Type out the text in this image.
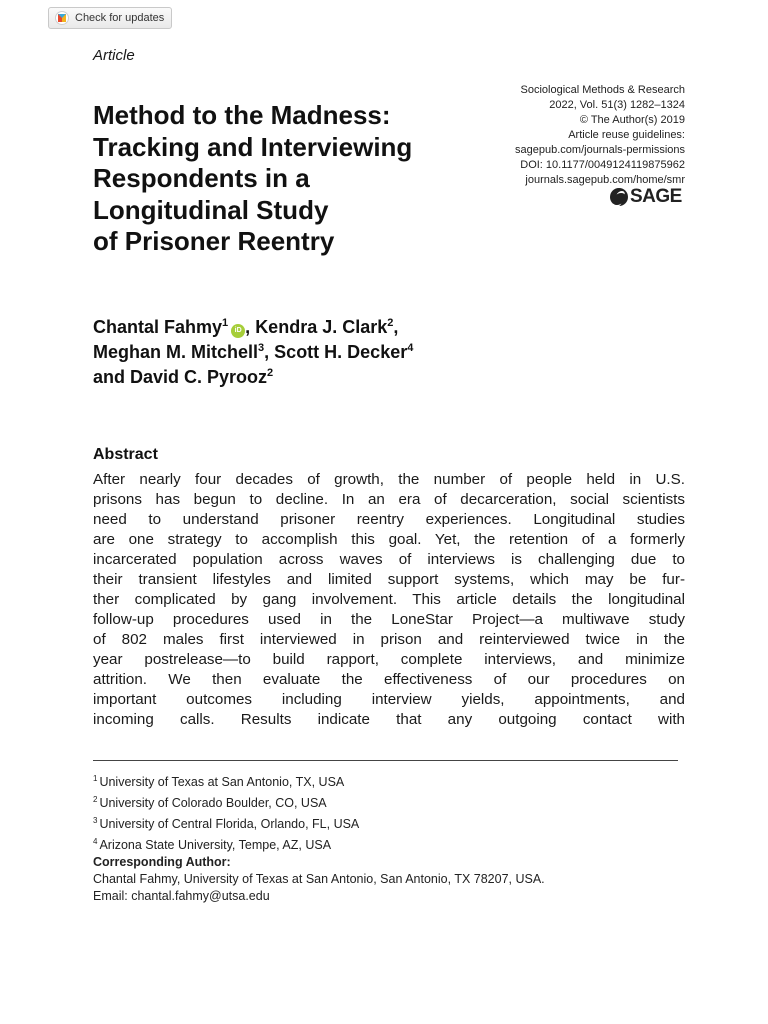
Check for updates
Article
Sociological Methods & Research
2022, Vol. 51(3) 1282–1324
© The Author(s) 2019
Article reuse guidelines:
sagepub.com/journals-permissions
DOI: 10.1177/0049124119875962
journals.sagepub.com/home/smr
SAGE
Method to the Madness:
Tracking and Interviewing
Respondents in a
Longitudinal Study
of Prisoner Reentry
Chantal Fahmy$^1$iD , Kendra J. Clark$^2$,
Meghan M. Mitchell$^3$, Scott H. Decker$^4$
and David C. Pyrooz$^2$
Abstract
After nearly four decades of growth, the number of people held in U.S.
prisons has begun to decline. In an era of decarceration, social scientists
need to understand prisoner reentry experiences. Longitudinal studies
are one strategy to accomplish this goal. Yet, the retention of a formerly
incarcerated population across waves of interviews is challenging due to
their transient lifestyles and limited support systems, which may be fur-
ther complicated by gang involvement. This article details the longitudinal
follow-up procedures used in the LoneStar Project—a multiwave study
of 802 males first interviewed in prison and reinterviewed twice in the
year postrelease—to build rapport, complete interviews, and minimize
attrition. We then evaluate the effectiveness of our procedures on
important outcomes including interview yields, appointments, and
incoming calls. Results indicate that any outgoing contact with
$^1$ University of Texas at San Antonio, TX, USA
$^2$ University of Colorado Boulder, CO, USA
$^3$ University of Central Florida, Orlando, FL, USA
$^4$ Arizona State University, Tempe, AZ, USA
Corresponding Author:
Chantal Fahmy, University of Texas at San Antonio, San Antonio, TX 78207, USA.
Email: chantal.fahmy@utsa.edu
